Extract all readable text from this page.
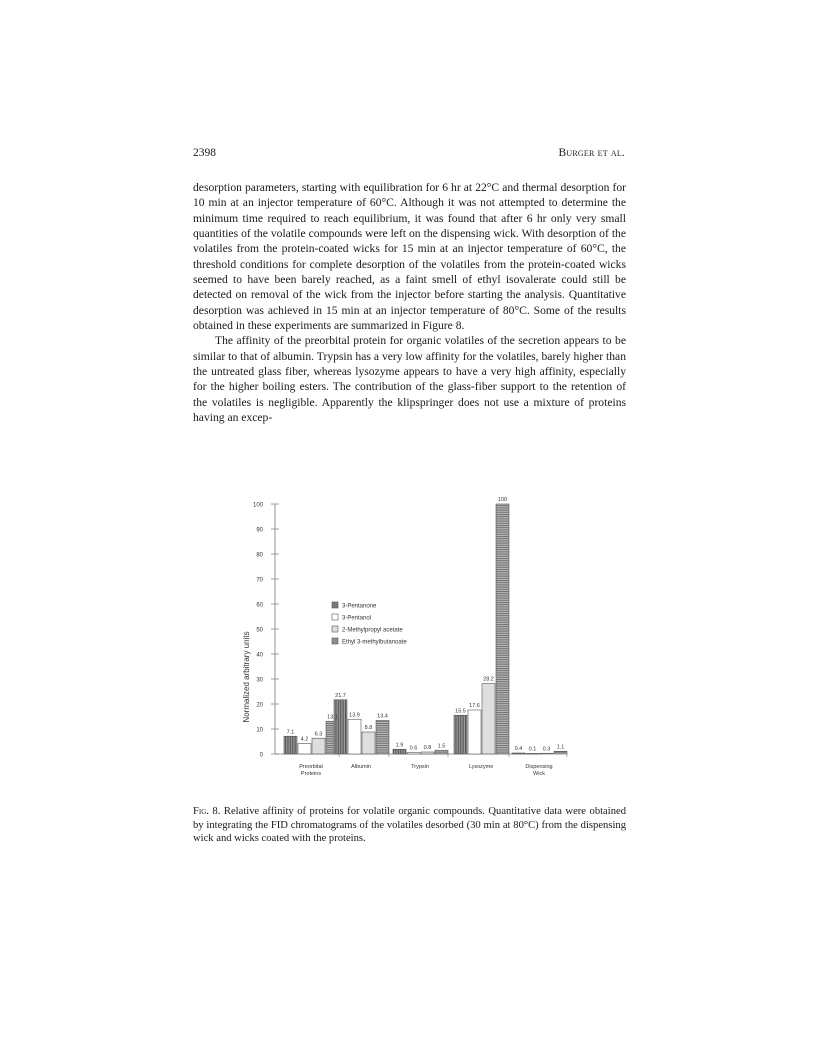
2398	Burger et al.

desorption parameters, starting with equilibration for 6 hr at 22°C and thermal desorption for 10 min at an injector temperature of 60°C. Although it was not attempted to determine the minimum time required to reach equilibrium, it was found that after 6 hr only very small quantities of the volatile compounds were left on the dispensing wick. With desorption of the volatiles from the protein-coated wicks for 15 min at an injector temperature of 60°C, the threshold conditions for complete desorption of the volatiles from the protein-coated wicks seemed to have been barely reached, as a faint smell of ethyl isovalerate could still be detected on removal of the wick from the injector before starting the analysis. Quantitative desorption was achieved in 15 min at an injector temperature of 80°C. Some of the results obtained in these experiments are summarized in Figure 8.

The affinity of the preorbital protein for organic volatiles of the secretion appears to be similar to that of albumin. Trypsin has a very low affinity for the volatiles, barely higher than the untreated glass fiber, whereas lysozyme appears to have a very high affinity, especially for the higher boiling esters. The contribution of the glass-fiber support to the retention of the volatiles is negligible. Apparently the klipspringer does not use a mixture of proteins having an excep-

0
10
20
30
40
50
60
70
80
90
100
7.1
4.2
6.3
13.1
21.7
13.9
8.8
13.4
1.9
0.6 0.8 1.5
15.5
17.6
28.2
100
0.4 0.1 0.3 1.1
Preorbital Proteins
Albumin	Trypsin	Lysozyme	Dispensing Wick
Normalized arbitrary units
3-Pentanone
3-Pentanol
2-Methylpropyl acetate
Ethyl 3-methylbutanoate
Fig. 8. Relative affinity of proteins for volatile organic compounds. Quantitative data were obtained by integrating the FID chromatograms of the volatiles desorbed (30 min at 80°C) from the dispensing wick and wicks coated with the proteins.
